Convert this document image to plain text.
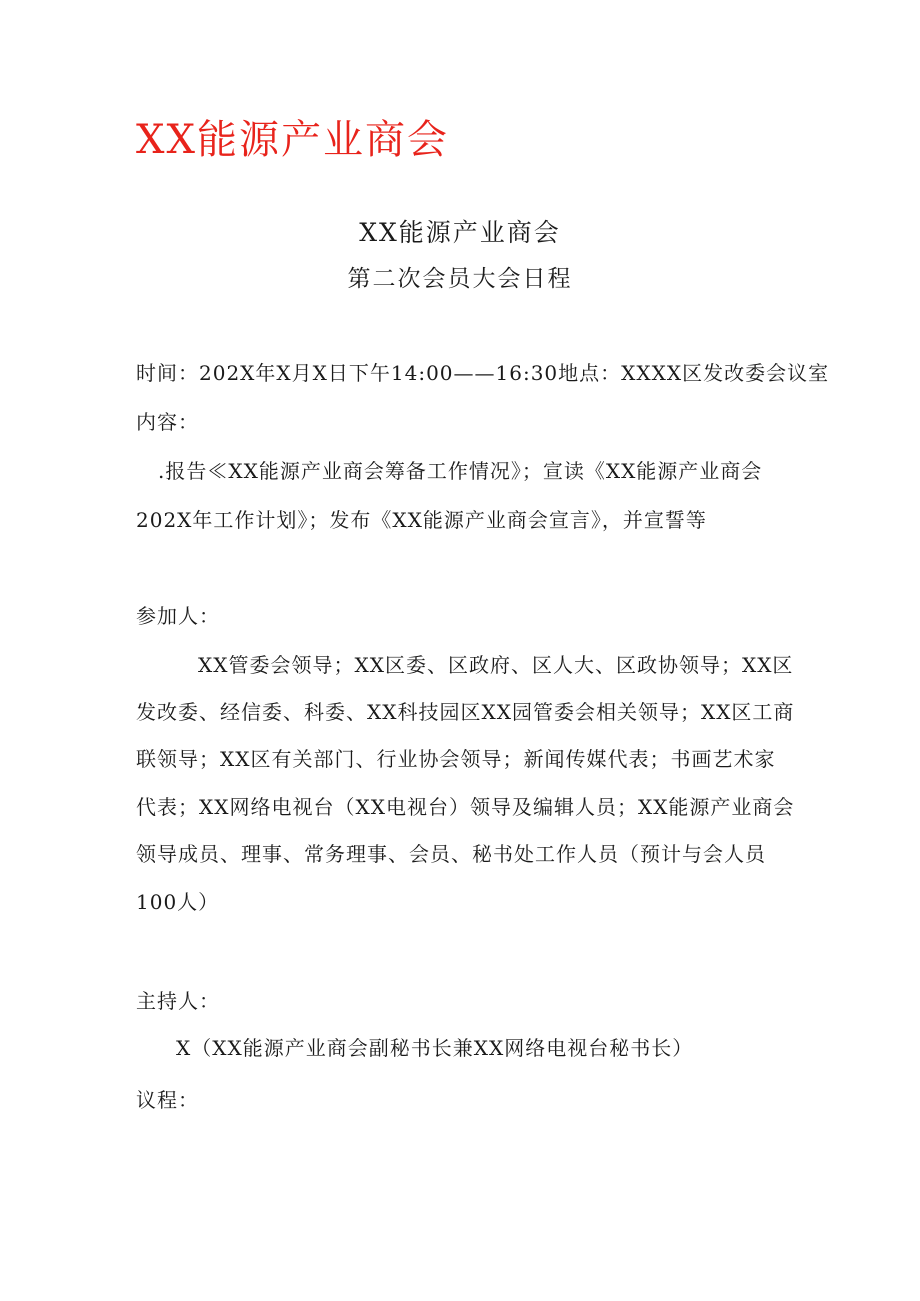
XX能源产业商会
XX能源产业商会
第二次会员大会日程
时间：202X年X月X日下午14:00——16:30地点：XXXX区发改委会议室
内容：
.报告≪XX能源产业商会筹备工作情况》；宣读《XX能源产业商会
202X年工作计划》；发布《XX能源产业商会宣言》，并宣誓等
参加人：
XX管委会领导；XX区委、区政府、区人大、区政协领导；XX区
发改委、经信委、科委、XX科技园区XX园管委会相关领导；XX区工商
联领导；XX区有关部门、行业协会领导；新闻传媒代表；书画艺术家
代表；XX网络电视台（XX电视台）领导及编辑人员；XX能源产业商会
领导成员、理事、常务理事、会员、秘书处工作人员（预计与会人员
100人）
主持人：
X（XX能源产业商会副秘书长兼XX网络电视台秘书长）
议程：
